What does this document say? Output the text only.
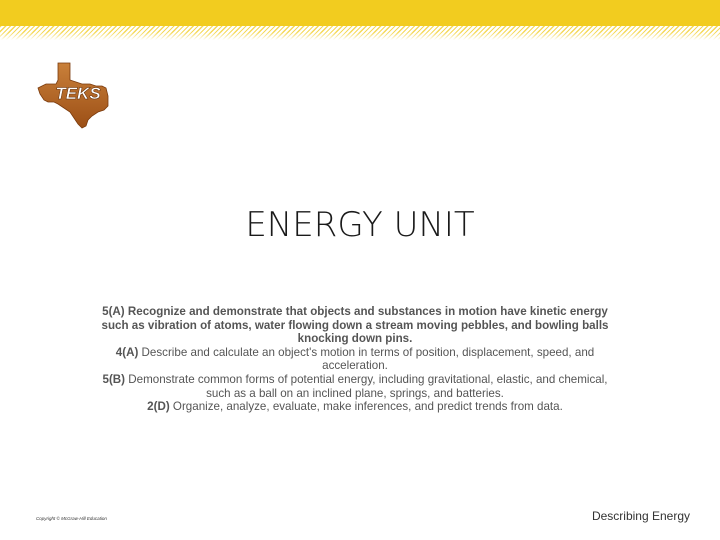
TEKS
ENERGY UNIT

5(A) Recognize and demonstrate that objects and substances in motion have kinetic energy such as vibration of atoms, water flowing down a stream moving pebbles, and bowling balls knocking down pins.

4(A) Describe and calculate an object's motion in terms of position, displacement, speed, and acceleration.

5(B) Demonstrate common forms of potential energy, including gravitational, elastic, and chemical, such as a ball on an inclined plane, springs, and batteries.

2(D) Organize, analyze, evaluate, make inferences, and predict trends from data.

Copyright © McGraw-Hill Education	Describing Energy
